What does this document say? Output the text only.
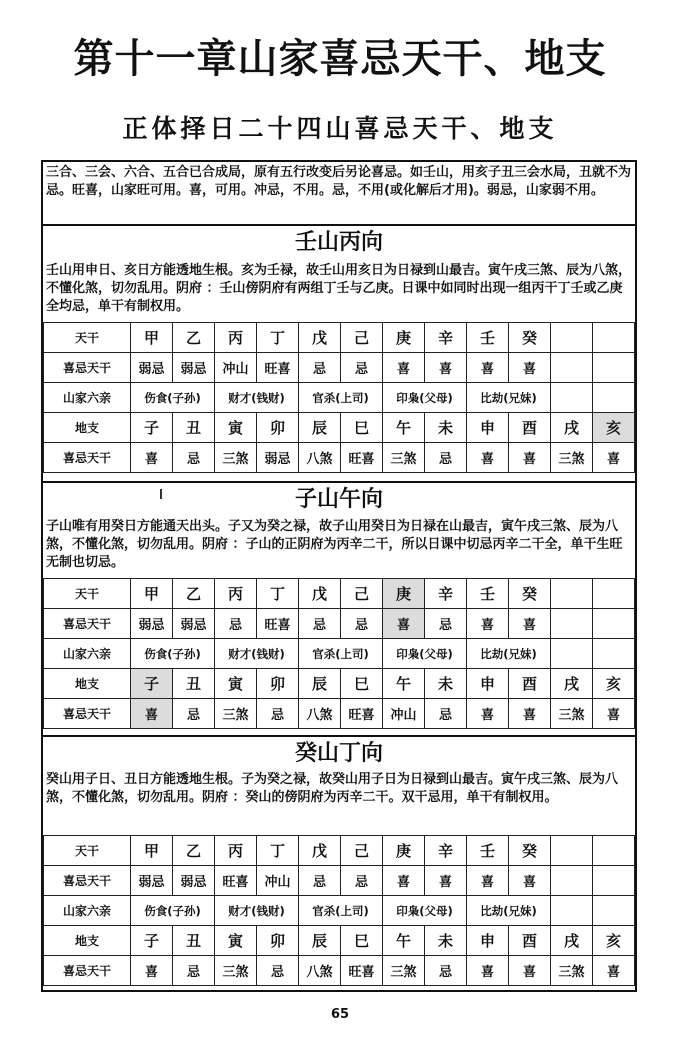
第十一章山家喜忌天干、地支
正体择日二十四山喜忌天干、地支

三合、三会、六合、五合已合成局，原有五行改变后另论喜忌。如壬山，用亥子丑三会水局，丑就不为忌。旺喜，山家旺可用。喜，可用。冲忌，不用。忌，不用(或化解后才用)。弱忌，山家弱不用。

壬山丙向

壬山用申日、亥日方能透地生根。亥为壬禄，故壬山用亥日为日禄到山最吉。寅午戌三煞、辰为八煞，不懂化煞，切勿乱用。阴府 ：壬山傍阴府有两组丁壬与乙庚。日课中如同时出现一组丙干丁壬或乙庚全均忌，单干有制权用。

天干	甲	乙	丙	丁	戊	己	庚	辛	壬	癸		
喜忌天干	弱忌	弱忌	冲山	旺喜	忌	忌	喜	喜	喜	喜		
山家六亲	伤食(子孙)		财才(钱财)		官杀(上司)		印枭(父母)		比劫(兄妹)			
地支	子	丑	寅	卯	辰	巳	午	未	申	酉	戌	亥
喜忌天干	喜	忌	三煞	弱忌	八煞	旺喜	三煞	忌	喜	喜	三煞	喜
子山午向

子山唯有用癸日方能通天出头。子又为癸之禄，故子山用癸日为日禄在山最吉，寅午戌三煞、辰为八煞，不懂化煞，切勿乱用。阴府 ：子山的正阴府为丙辛二干，所以日课中切忌丙辛二干全，单干生旺无制也切忌。

天干	甲	乙	丙	丁	戊	己	庚	辛	壬	癸		
喜忌天干	弱忌	弱忌	忌	旺喜	忌	忌	喜	忌	喜	喜		
山家六亲	伤食(子孙)		财才(钱财)		官杀(上司)		印枭(父母)		比劫(兄妹)			
地支	子	丑	寅	卯	辰	巳	午	未	申	酉	戌	亥
喜忌天干	喜	忌	三煞	忌	八煞	旺喜	冲山	忌	喜	喜	三煞	喜
癸山丁向

癸山用子日、丑日方能透地生根。子为癸之禄，故癸山用子日为日禄到山最吉。寅午戌三煞、辰为八煞，不懂化煞，切勿乱用。阴府 ：癸山的傍阴府为丙辛二干。双干忌用，单干有制权用。

天干	甲	乙	丙	丁	戊	己	庚	辛	壬	癸		
喜忌天干	弱忌	弱忌	旺喜	冲山	忌	忌	喜	喜	喜	喜		
山家六亲	伤食(子孙)		财才(钱财)		官杀(上司)		印枭(父母)		比劫(兄妹)			
地支	子	丑	寅	卯	辰	巳	午	未	申	酉	戌	亥
喜忌天干	喜	忌	三煞	忌	八煞	旺喜	三煞	忌	喜	喜	三煞	喜
65
